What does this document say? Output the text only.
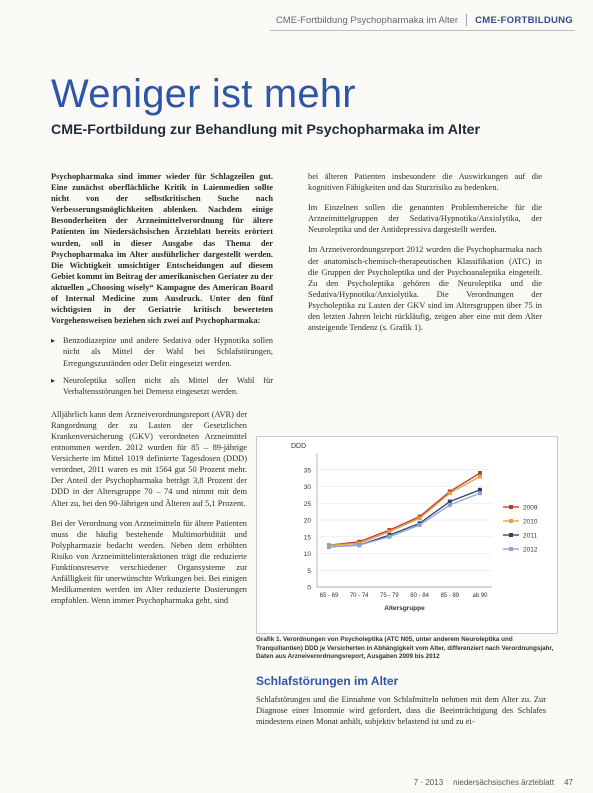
CME-Fortbildung Psychopharmaka im Alter CME-FORTBILDUNG
Weniger ist mehr
CME-Fortbildung zur Behandlung mit Psychopharmaka im Alter

Psychopharmaka sind immer wieder für Schlagzeilen gut. Eine zunächst oberflächliche Kritik in Laienmedien sollte nicht von der selbstkritischen Suche nach Verbesserungsmöglichkeiten ablenken. Nachdem einige Besonderheiten der Arzneimittelverordnung für ältere Patienten im Niedersächsischen Ärzteblatt bereits erörtert wurden, soll in dieser Ausgabe das Thema der Psychopharmaka im Alter ausführlicher dargestellt werden. Die Wichtigkeit umsichtiger Entscheidungen auf diesem Gebiet kommt im Beitrag der amerikanischen Geriater zu der aktuellen „Choosing wisely“ Kampagne des American Board of Internal Medicine zum Ausdruck. Unter den fünf wichtigsten in der Geriatrie kritisch bewerteten Vorgehensweisen beziehen sich zwei auf Psychopharmaka:

▸ Benzodiazepine und andere Sedativa oder Hypnotika sollen nicht als Mittel der Wahl bei Schlafstörungen, Erregungszuständen oder Delir eingesetzt werden.
▸ Neuroleptika sollen nicht als Mittel der Wahl für Verhaltensstörungen bei Demenz eingesetzt werden.

Alljährlich kann dem Arzneiverordnungsreport (AVR) der Rangordnung der zu Lasten der Gesetzlichen Krankenversicherung (GKV) verordneten Arzneimittel entnommen werden. 2012 wurden für 85 – 89-jährige Versicherte im Mittel 1019 definierte Tagesdosen (DDD) verordnet, 2011 waren es mit 1564 gut 50 Prozent mehr. Der Anteil der Psychopharmaka beträgt 3,8 Prozent der DDD in der Altersgruppe 70 – 74 und nimmt mit dem Alter zu, bei den 90-Jährigen und Älteren auf 5,1 Prozent.

Bei der Verordnung von Arzneimitteln für ältere Patienten muss die häufig bestehende Multimorbidität und Polypharmazie bedacht werden. Neben dem erhöhten Risiko von Arzneimittelinteraktionen trägt die reduzierte Funktionsreserve verschiedener Organsysteme zur Anfälligkeit für unerwünschte Wirkungen bei. Bei einigen Medikamenten werden im Alter reduzierte Dosierungen empfohlen. Wenn immer Psychopharmaka geht, sind

bei älteren Patienten insbesondere die Auswirkungen auf die kognitiven Fähigkeiten und das Sturzrisiko zu bedenken.

Im Einzelnen sollen die genannten Problembereiche für die Arzneimittelgruppen der Sedativa/Hypnotika/Anxiolytika, der Neuroleptika und der Antidepressiva dargestellt werden.

Im Arzneiverordnungsreport 2012 wurden die Psychopharmaka nach der anatomisch-chemisch-therapeutischen Klassifikation (ATC) in die Gruppen der Psycholeptika und der Psychoanaleptika eingeteilt. Zu den Psycholeptika gehören die Neuroleptika und die Sedativa/Hypnotika/Anxiolytika. Die Verordnungen der Psycholeptika zu Lasten der GKV sind im Altersgruppen über 75 in den letzten Jahren leicht rückläufig, zeigen aber eine mit dem Alter ansteigende Tendenz (s. Grafik 1).

DDD
0
5
10
15
20
25
30
35
65 - 69 70 - 74 75 - 79 80 - 84 85 - 89 ab 90
Altersgruppe
2009
2010
2011
2012
Grafik 1. Verordnungen von Psycholeptika (ATC N05, unter anderem Neuroleptika und Tranquillantien) DDD je Versicherten in Abhängigkeit vom Alter, differenziert nach Verordnungsjahr, Daten aus Arzneiverordnungsreport, Ausgaben 2009 bis 2012
Schlafstörungen im Alter
Schlafstörungen und die Einnahme von Schlafmitteln nehmen mit dem Alter zu. Zur Diagnose einer Insomnie wird gefordert, dass die Beeinträchtigung des Schlafes mindestens einen Monat anhält, subjektiv belastend ist und zu ei-
7 · 2013 niedersächsisches ärzteblatt 47
